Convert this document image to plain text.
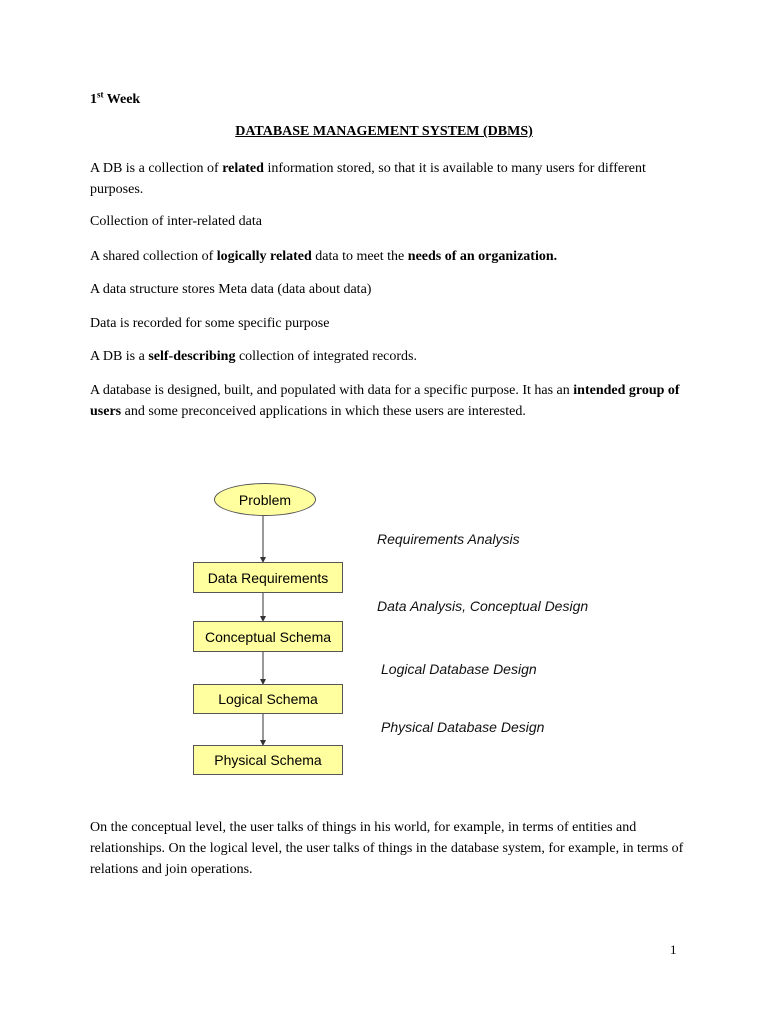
1st Week
DATABASE MANAGEMENT SYSTEM (DBMS)
A DB is a collection of related information stored, so that it is available to many users for different purposes.
Collection of inter-related data
A shared collection of logically related data to meet the needs of an organization.
A data structure stores Meta data (data about data)
Data is recorded for some specific purpose
A DB is a self-describing collection of integrated records.
A database is designed, built, and populated with data for a specific purpose. It has an intended group of users and some preconceived applications in which these users are interested.
Problem
Data Requirements
Conceptual Schema
Logical Schema
Physical Schema
Requirements Analysis
Data Analysis, Conceptual Design
Logical Database Design
Physical Database Design
On the conceptual level, the user talks of things in his world, for example, in terms of entities and relationships. On the logical level, the user talks of things in the database system, for example, in terms of relations and join operations.
1
